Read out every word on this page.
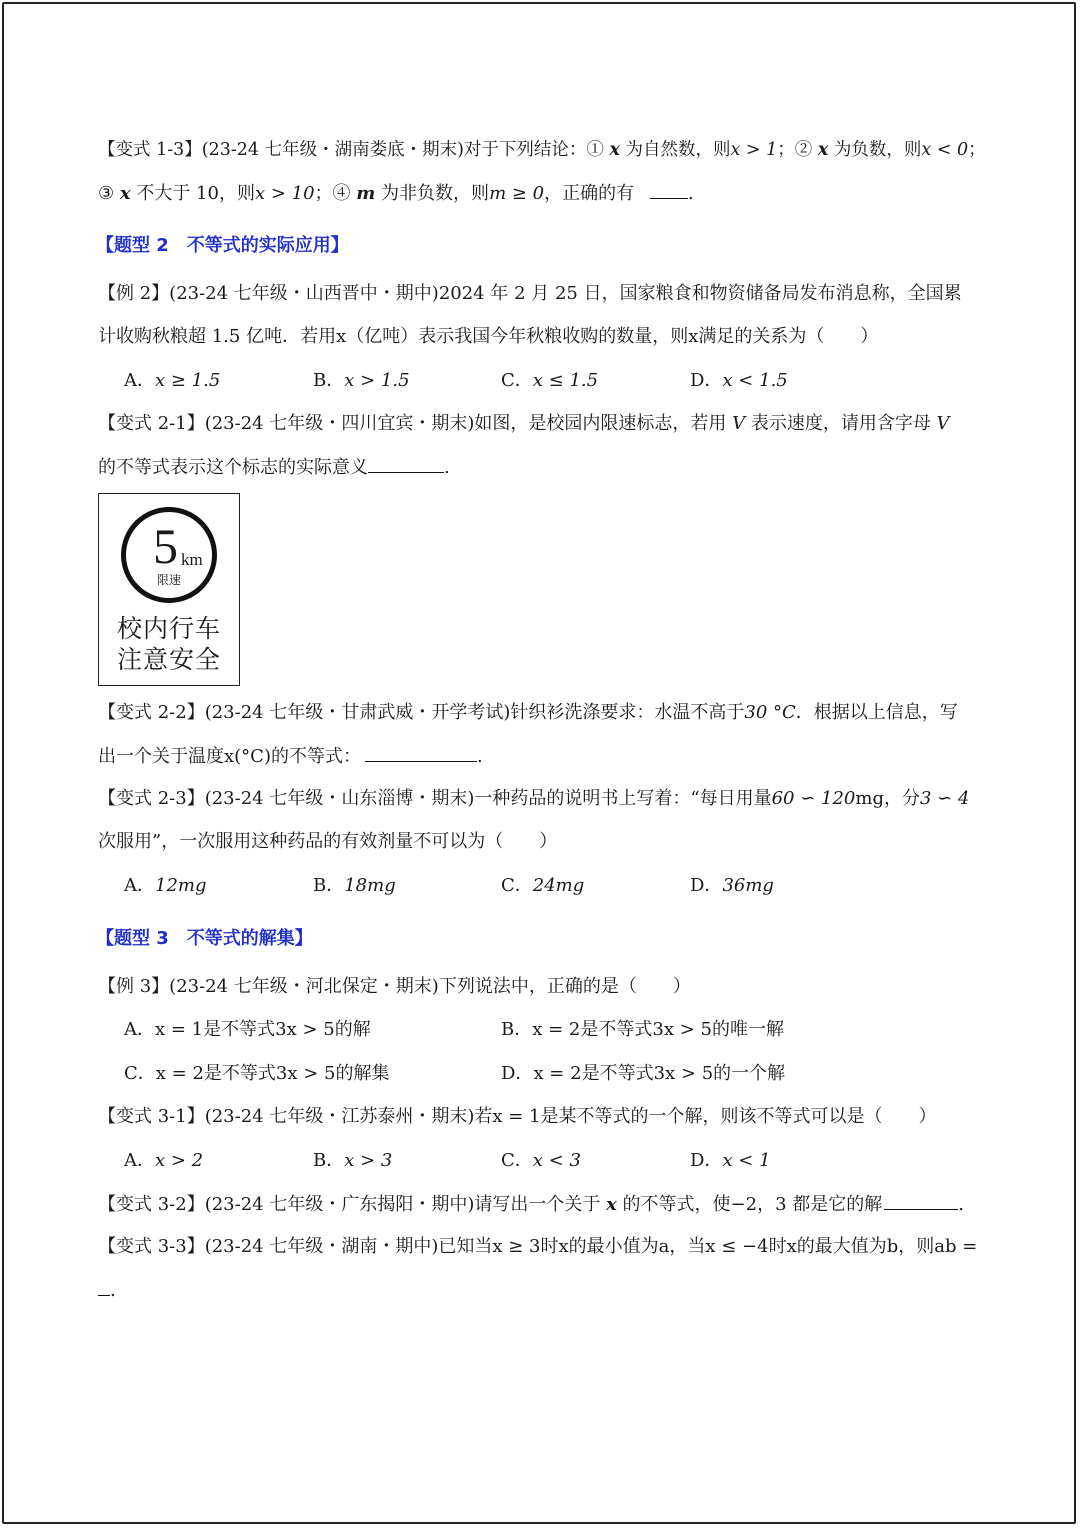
【变式 1-3】(23-24 七年级・湖南娄底・期末)对于下列结论：① x 为自然数，则x > 1；② x 为负数，则x < 0；
③ x 不大于 10，则x > 10；④ m 为非负数，则m ≥ 0，正确的有	.
【题型 2　不等式的实际应用】
【例 2】(23-24 七年级・山西晋中・期中)2024 年 2 月 25 日，国家粮食和物资储备局发布消息称，全国累
计收购秋粮超 1.5 亿吨．若用x（亿吨）表示我国今年秋粮收购的数量，则x满足的关系为（　　）
A．x ≥ 1.5	B．x > 1.5	C．x ≤ 1.5	D．x < 1.5
【变式 2-1】(23-24 七年级・四川宜宾・期末)如图，是校园内限速标志，若用 V 表示速度，请用含字母 V
的不等式表示这个标志的实际意义	.
5 km
限速
校内行车
注意安全
【变式 2-2】(23-24 七年级・甘肃武威・开学考试)针织衫洗涤要求：水温不高于30 °C．根据以上信息，写
出一个关于温度x(°C)的不等式：	.
【变式 2-3】(23-24 七年级・山东淄博・期末)一种药品的说明书上写着：“每日用量60 ∽ 120mg，分3 ∽ 4
次服用”，一次服用这种药品的有效剂量不可以为（　　）
A．12mg	B．18mg	C．24mg	D．36mg
【题型 3　不等式的解集】
【例 3】(23-24 七年级・河北保定・期末)下列说法中，正确的是（　　）
A．x = 1是不等式3x > 5的解	B．x = 2是不等式3x > 5的唯一解
C．x = 2是不等式3x > 5的解集	D．x = 2是不等式3x > 5的一个解
【变式 3-1】(23-24 七年级・江苏泰州・期末)若x = 1是某不等式的一个解，则该不等式可以是（　　）
A．x > 2	B．x > 3	C．x < 3	D．x < 1
【变式 3-2】(23-24 七年级・广东揭阳・期中)请写出一个关于 x 的不等式，使−2，3 都是它的解	.
【变式 3-3】(23-24 七年级・湖南・期中)已知当x ≥ 3时x的最小值为a，当x ≤ −4时x的最大值为b，则ab =
.
